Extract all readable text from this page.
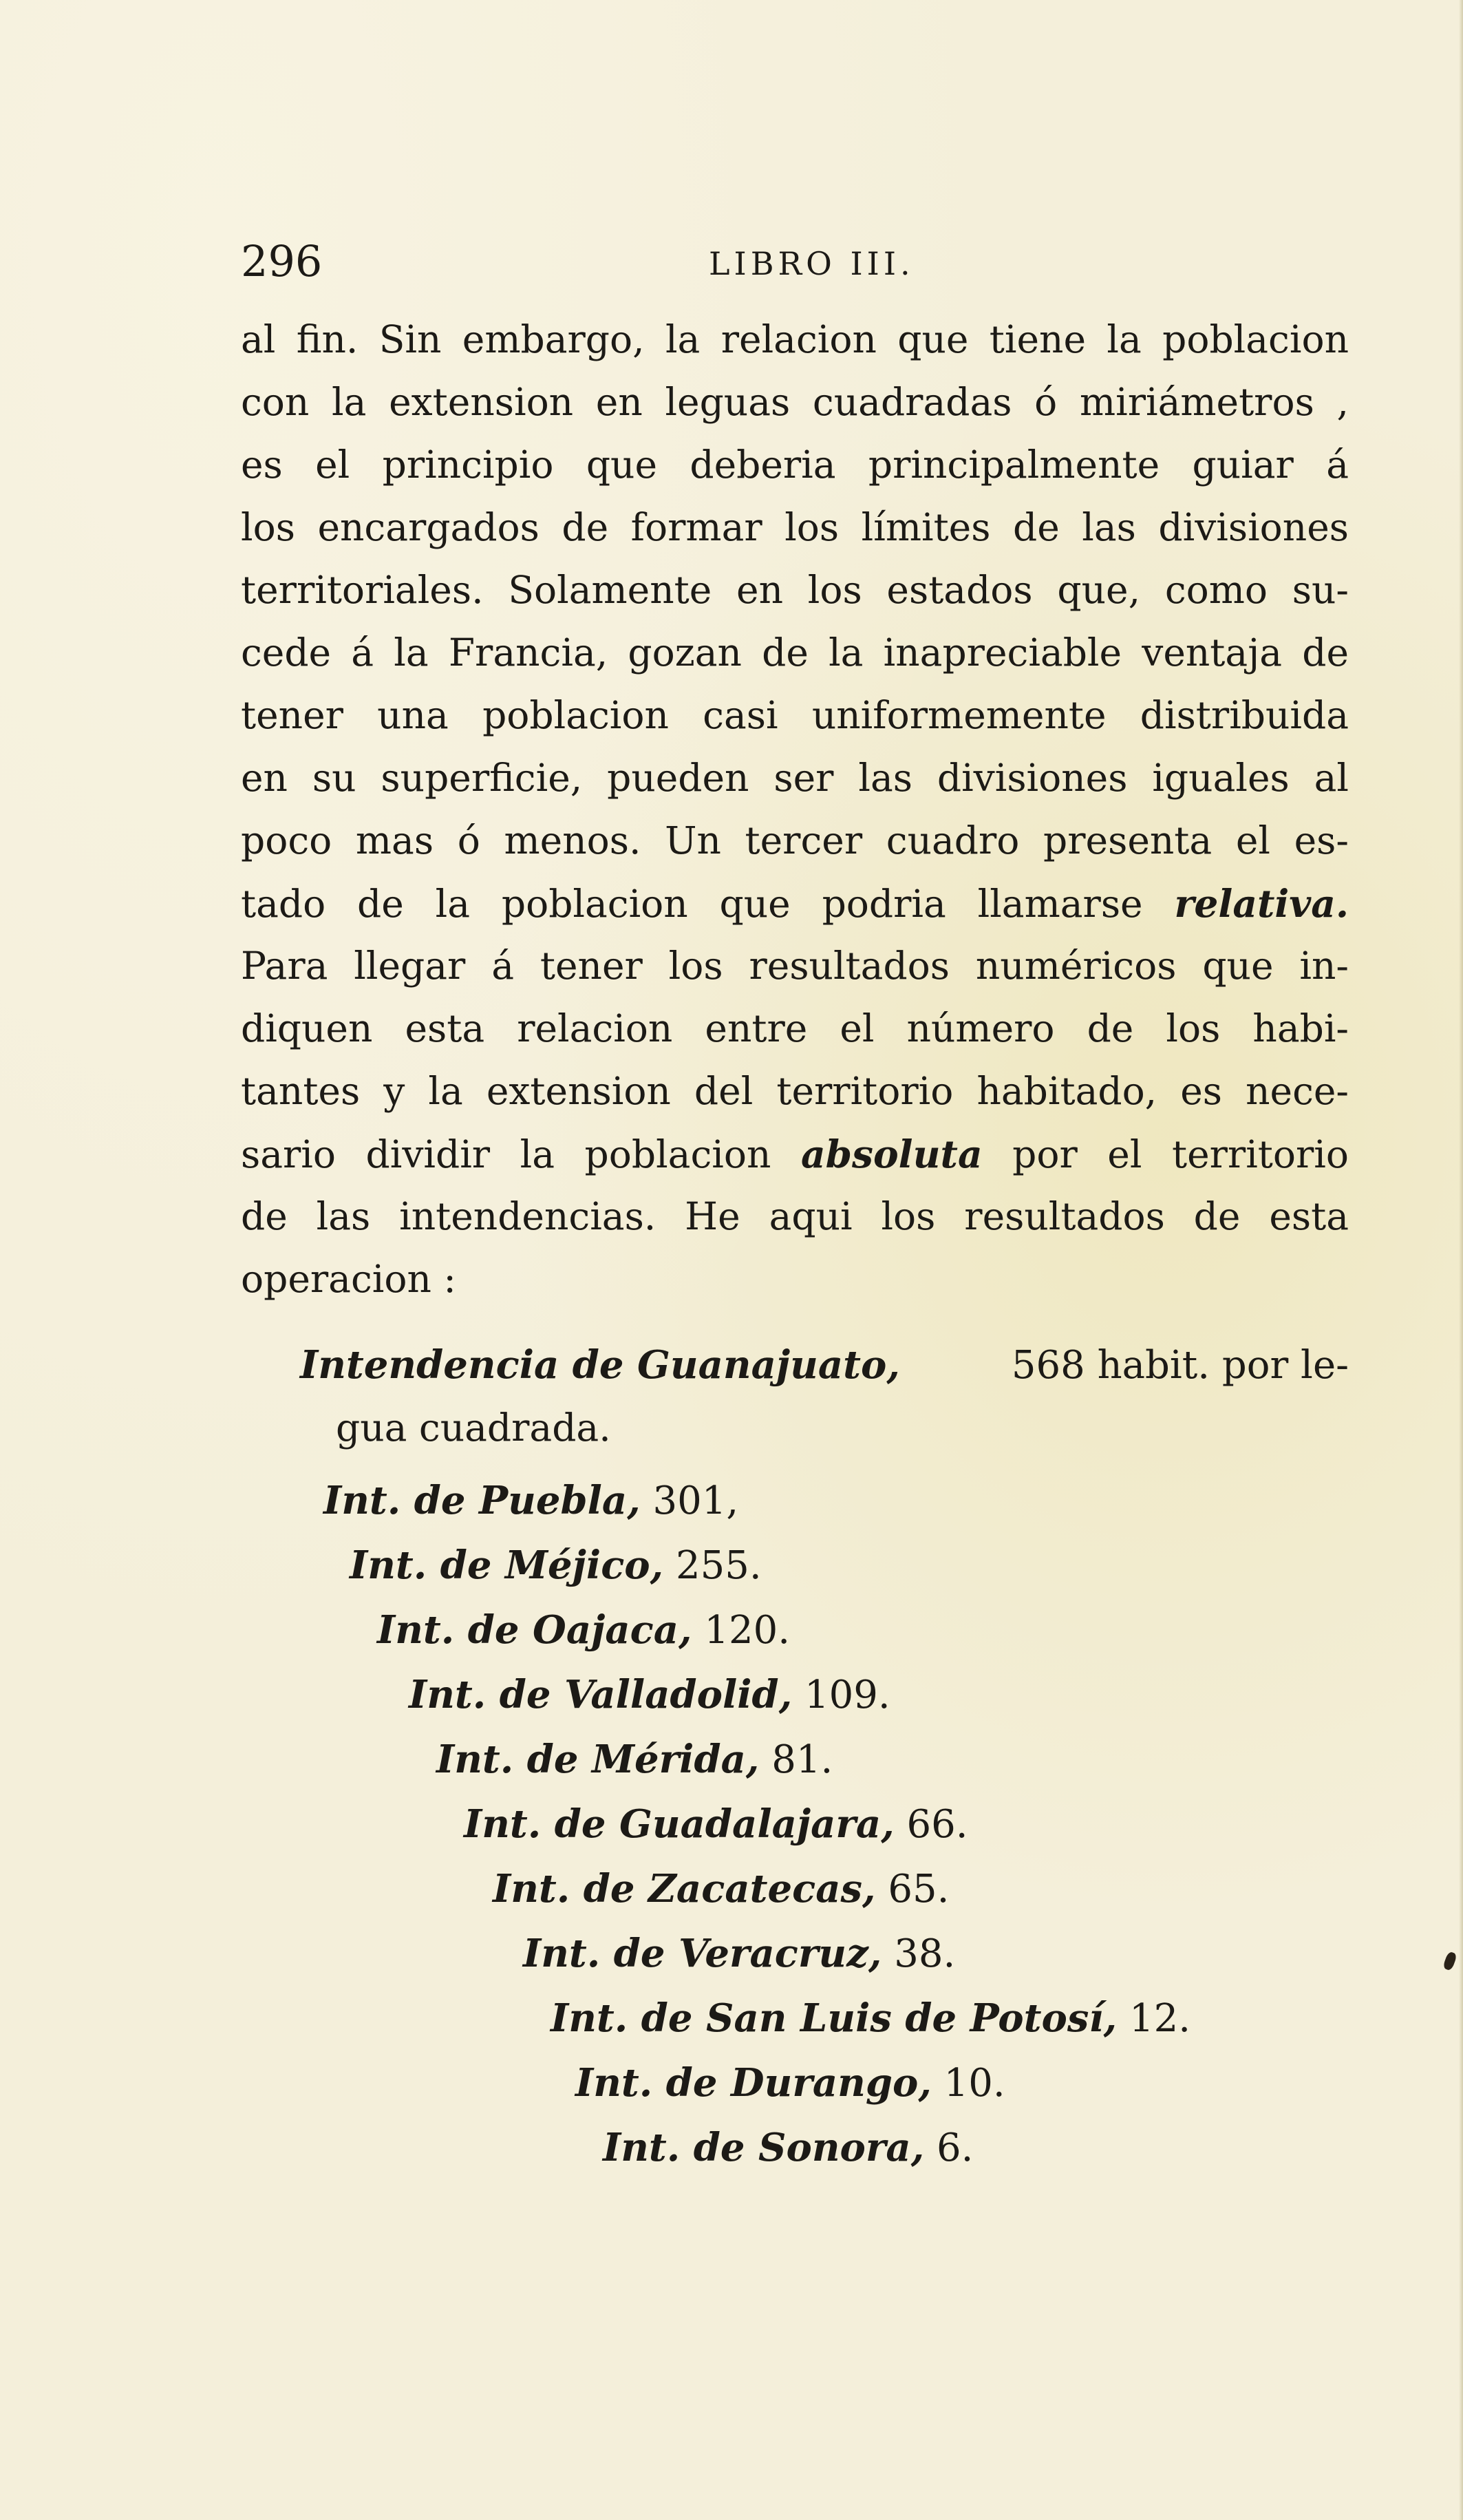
296	LIBRO III.
al fin. Sin embargo, la relacion que tiene la poblacion
con la extension en leguas cuadradas ó miriámetros ,
es el principio que deberia principalmente guiar á
los encargados de formar los límites de las divisiones
territoriales. Solamente en los estados que, como su-
cede á la Francia, gozan de la inapreciable ventaja de
tener una poblacion casi uniformemente distribuida
en su superficie, pueden ser las divisiones iguales al
poco mas ó menos. Un tercer cuadro presenta el es-
tado de la poblacion que podria llamarse relativa.
Para llegar á tener los resultados numéricos que in-
diquen esta relacion entre el número de los habi-
tantes y la extension del territorio habitado, es nece-
sario dividir la poblacion absoluta por el territorio
de las intendencias. He aqui los resultados de esta
operacion :
Intendencia de Guanajuato,	568 habit. por le-
gua cuadrada.
Int. de Puebla, 301,
Int. de Méjico, 255.
Int. de Oajaca, 120.
Int. de Valladolid, 109.
Int. de Mérida, 81.
Int. de Guadalajara, 66.
Int. de Zacatecas, 65.
Int. de Veracruz, 38.
Int. de San Luis de Potosí, 12.
Int. de Durango, 10.
Int. de Sonora, 6.
